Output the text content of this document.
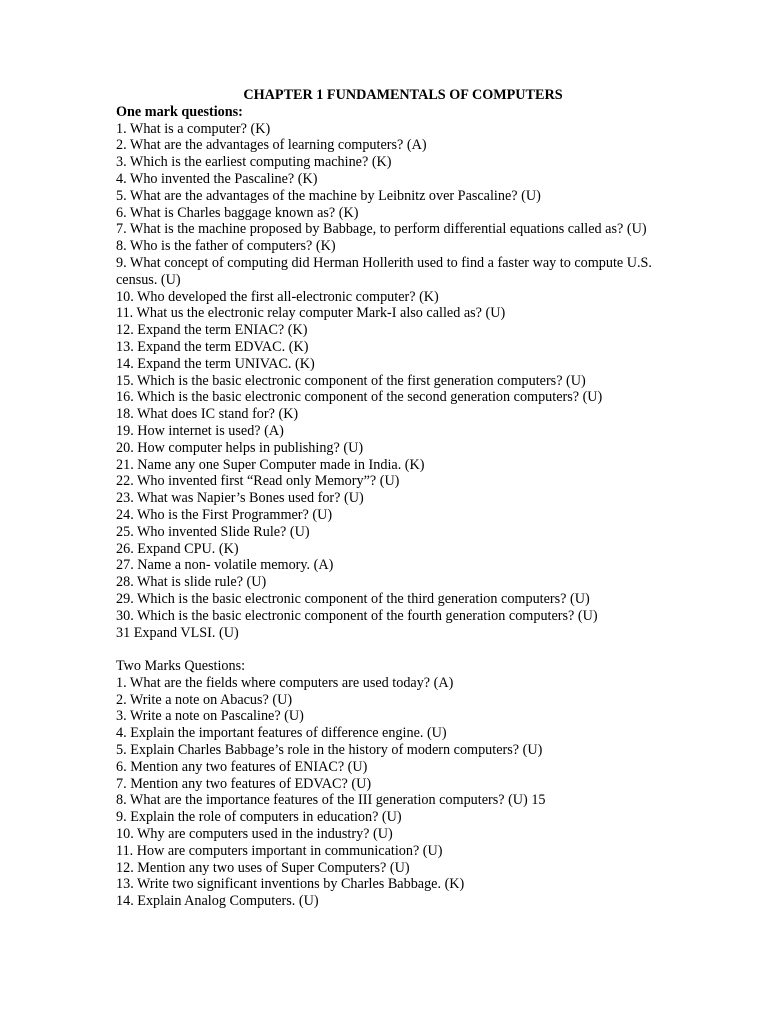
CHAPTER 1 FUNDAMENTALS OF COMPUTERS

One mark questions:

1. What is a computer? (K)

2. What are the advantages of learning computers? (A)

3. Which is the earliest computing machine? (K)

4. Who invented the Pascaline? (K)

5. What are the advantages of the machine by Leibnitz over Pascaline? (U)

6. What is Charles baggage known as? (K)

7. What is the machine proposed by Babbage, to perform differential equations called as? (U)

8. Who is the father of computers? (K)

9. What concept of computing did Herman Hollerith used to find a faster way to compute U.S. census. (U)

10. Who developed the first all-electronic computer? (K)

11. What us the electronic relay computer Mark-I also called as? (U)

12. Expand the term ENIAC? (K)

13. Expand the term EDVAC. (K)

14. Expand the term UNIVAC. (K)

15. Which is the basic electronic component of the first generation computers? (U)

16. Which is the basic electronic component of the second generation computers? (U)

18. What does IC stand for? (K)

19. How internet is used? (A)

20. How computer helps in publishing? (U)

21. Name any one Super Computer made in India. (K)

22. Who invented first “Read only Memory”? (U)

23. What was Napier’s Bones used for? (U)

24. Who is the First Programmer? (U)

25. Who invented Slide Rule? (U)

26. Expand CPU. (K)

27. Name a non- volatile memory. (A)

28. What is slide rule? (U)

29. Which is the basic electronic component of the third generation computers? (U)

30. Which is the basic electronic component of the fourth generation computers? (U)

31 Expand VLSI. (U)

Two Marks Questions:

1. What are the fields where computers are used today? (A)

2. Write a note on Abacus? (U)

3. Write a note on Pascaline? (U)

4. Explain the important features of difference engine. (U)

5. Explain Charles Babbage’s role in the history of modern computers? (U)

6. Mention any two features of ENIAC? (U)

7. Mention any two features of EDVAC? (U)

8. What are the importance features of the III generation computers? (U) 15

9. Explain the role of computers in education? (U)

10. Why are computers used in the industry? (U)

11. How are computers important in communication? (U)

12. Mention any two uses of Super Computers? (U)

13. Write two significant inventions by Charles Babbage. (K)

14. Explain Analog Computers. (U)
